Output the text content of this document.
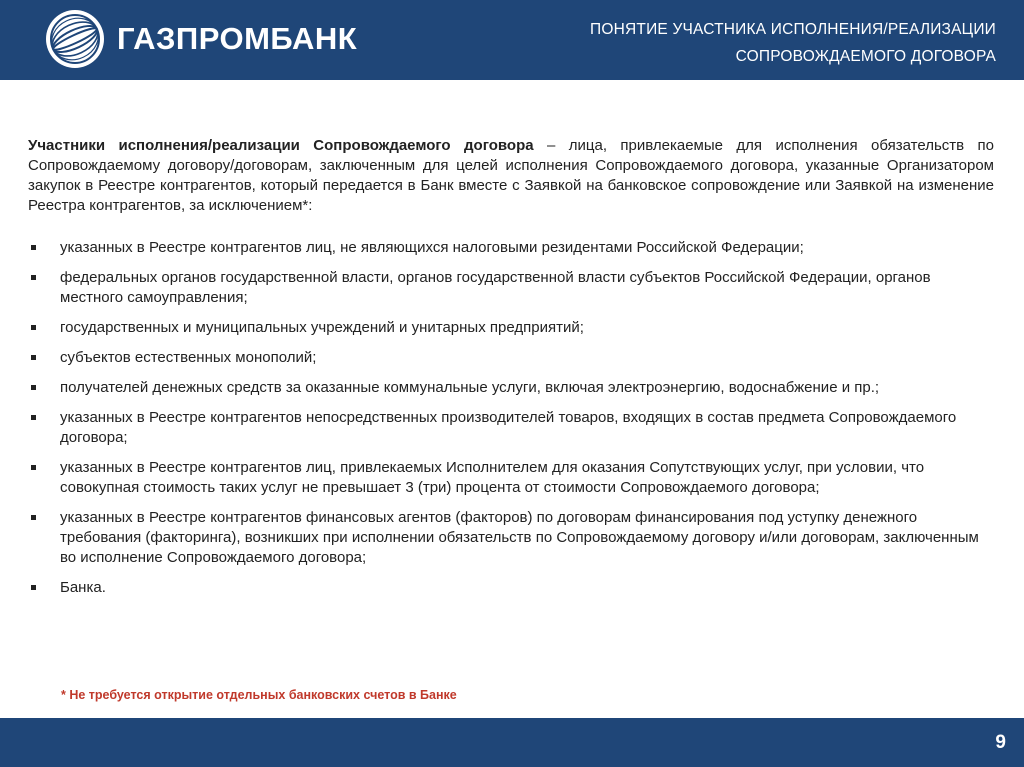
ГАЗПРОМБАНК	ПОНЯТИЕ УЧАСТНИКА ИСПОЛНЕНИЯ/РЕАЛИЗАЦИИ
СОПРОВОЖДАЕМОГО ДОГОВОРА

Участники исполнения/реализации Сопровождаемого договора – лица, привлекаемые для исполнения обязательств по Сопровождаемому договору/договорам, заключенным для целей исполнения Сопровождаемого договора, указанные Организатором закупок в Реестре контрагентов, который передается в Банк вместе с Заявкой на банковское сопровождение или Заявкой на изменение Реестра контрагентов, за исключением*:

указанных в Реестре контрагентов лиц, не являющихся налоговыми резидентами Российской Федерации;
федеральных органов государственной власти, органов государственной власти субъектов Российской Федерации, органов местного самоуправления;
государственных и муниципальных учреждений и унитарных предприятий;
субъектов естественных монополий;
получателей денежных средств за оказанные коммунальные услуги, включая электроэнергию, водоснабжение и пр.;
указанных в Реестре контрагентов непосредственных производителей товаров, входящих в состав предмета Сопровождаемого договора;
указанных в Реестре контрагентов лиц, привлекаемых Исполнителем для оказания Сопутствующих услуг, при условии, что совокупная стоимость таких услуг не превышает 3 (три) процента от стоимости Сопровождаемого договора;
указанных в Реестре контрагентов финансовых агентов (факторов) по договорам финансирования под уступку денежного требования (факторинга), возникших при исполнении обязательств по Сопровождаемому договору и/или договорам, заключенным во исполнение Сопровождаемого договора;
Банка.
* Не требуется открытие отдельных банковских счетов в Банке
9
